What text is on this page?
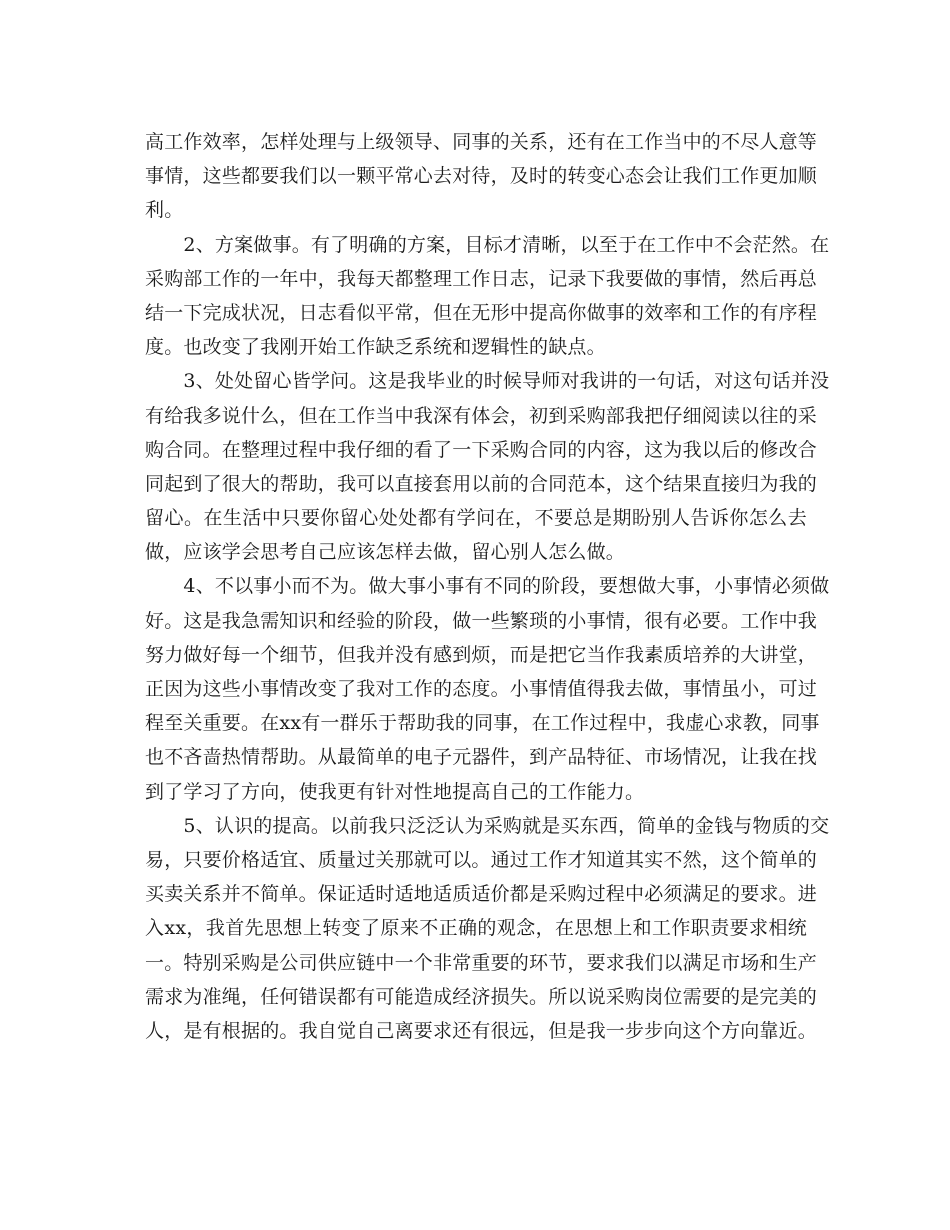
高工作效率，怎样处理与上级领导、同事的关系，还有在工作当中的不尽人意等
事情，这些都要我们以一颗平常心去对待，及时的转变心态会让我们工作更加顺
利。
　　2、方案做事。有了明确的方案，目标才清晰，以至于在工作中不会茫然。在
采购部工作的一年中，我每天都整理工作日志，记录下我要做的事情，然后再总
结一下完成状况，日志看似平常，但在无形中提高你做事的效率和工作的有序程
度。也改变了我刚开始工作缺乏系统和逻辑性的缺点。
　　3、处处留心皆学问。这是我毕业的时候导师对我讲的一句话，对这句话并没
有给我多说什么，但在工作当中我深有体会，初到采购部我把仔细阅读以往的采
购合同。在整理过程中我仔细的看了一下采购合同的内容，这为我以后的修改合
同起到了很大的帮助，我可以直接套用以前的合同范本，这个结果直接归为我的
留心。在生活中只要你留心处处都有学问在，不要总是期盼别人告诉你怎么去
做，应该学会思考自己应该怎样去做，留心别人怎么做。
　　4、不以事小而不为。做大事小事有不同的阶段，要想做大事，小事情必须做
好。这是我急需知识和经验的阶段，做一些繁琐的小事情，很有必要。工作中我
努力做好每一个细节，但我并没有感到烦，而是把它当作我素质培养的大讲堂，
正因为这些小事情改变了我对工作的态度。小事情值得我去做，事情虽小，可过
程至关重要。在xx有一群乐于帮助我的同事，在工作过程中，我虚心求教，同事
也不吝啬热情帮助。从最简单的电子元器件，到产品特征、市场情况，让我在找
到了学习了方向，使我更有针对性地提高自己的工作能力。
　　5、认识的提高。以前我只泛泛认为采购就是买东西，简单的金钱与物质的交
易，只要价格适宜、质量过关那就可以。通过工作才知道其实不然，这个简单的
买卖关系并不简单。保证适时适地适质适价都是采购过程中必须满足的要求。进
入xx，我首先思想上转变了原来不正确的观念，在思想上和工作职责要求相统
一。特别采购是公司供应链中一个非常重要的环节，要求我们以满足市场和生产
需求为准绳，任何错误都有可能造成经济损失。所以说采购岗位需要的是完美的
人，是有根据的。我自觉自己离要求还有很远，但是我一步步向这个方向靠近。
